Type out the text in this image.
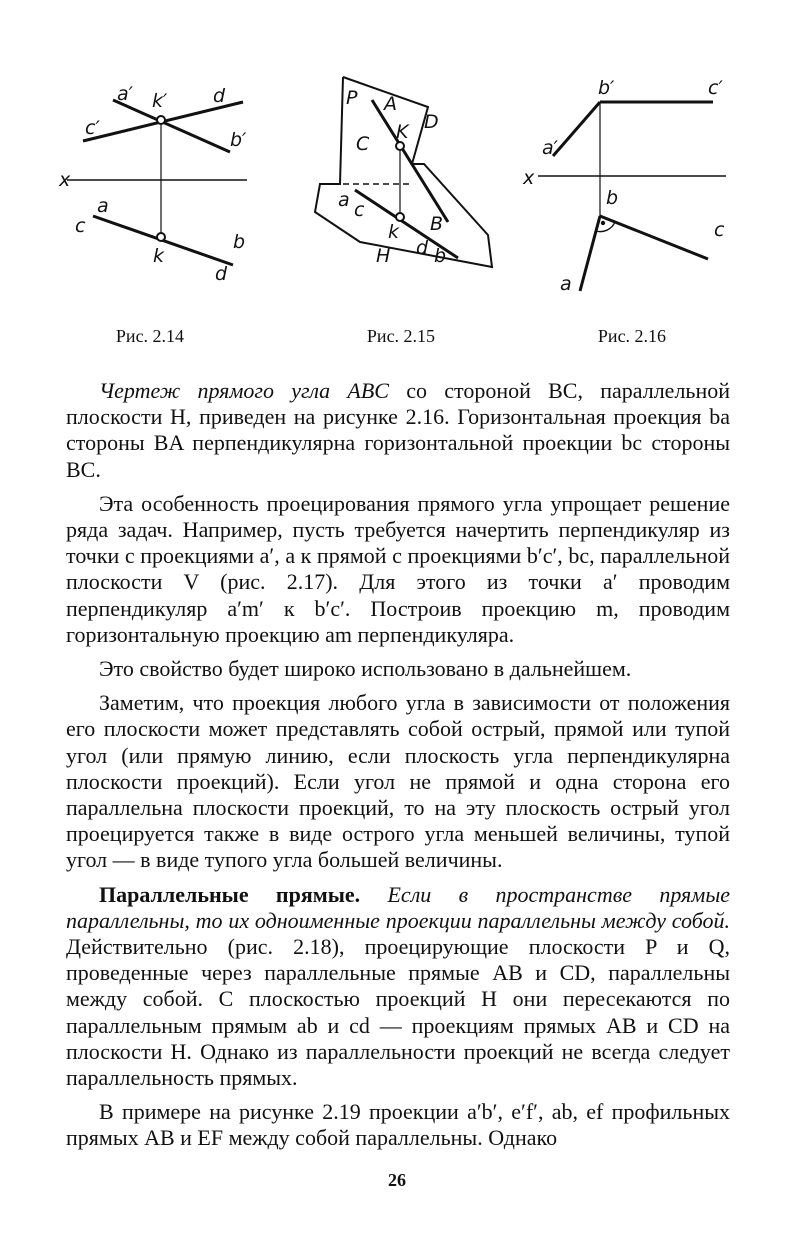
a′ k′ d
c′
b′
x
a
c
k
b
d
Рис. 2.14
P A
K D
C
a c
B
k
H d b
Рис. 2.15
b′	c′
a′
x
b
c
a
Рис. 2.16

Чертеж прямого угла ABC со стороной BC, параллельной плоскости H, приведен на рисунке 2.16. Горизонтальная проекция ba стороны BA перпендикулярна горизонтальной проекции bc стороны BC.

Эта особенность проецирования прямого угла упрощает решение ряда задач. Например, пусть требуется начертить перпендикуляр из точки с проекциями a′, a к прямой с проекциями b′c′, bc, параллельной плоскости V (рис. 2.17). Для этого из точки a′ проводим перпендикуляр a′m′ к b′c′. Построив проекцию m, проводим горизонтальную проекцию am перпендикуляра.

Это свойство будет широко использовано в дальнейшем.

Заметим, что проекция любого угла в зависимости от положения его плоскости может представлять собой острый, прямой или тупой угол (или прямую линию, если плоскость угла перпендикулярна плоскости проекций). Если угол не прямой и одна сторона его параллельна плоскости проекций, то на эту плоскость острый угол проецируется также в виде острого угла меньшей величины, тупой угол — в виде тупого угла большей величины.

Параллельные прямые. Если в пространстве прямые параллельны, то их одноименные проекции параллельны между собой. Действительно (рис. 2.18), проецирующие плоскости P и Q, проведенные через параллельные прямые AB и CD, параллельны между собой. С плоскостью проекций H они пересекаются по параллельным прямым ab и cd — проекциям прямых AB и CD на плоскости H. Однако из параллельности проекций не всегда следует параллельность прямых.

В примере на рисунке 2.19 проекции a′b′, e′f′, ab, ef профильных прямых AB и EF между собой параллельны. Однако

26
